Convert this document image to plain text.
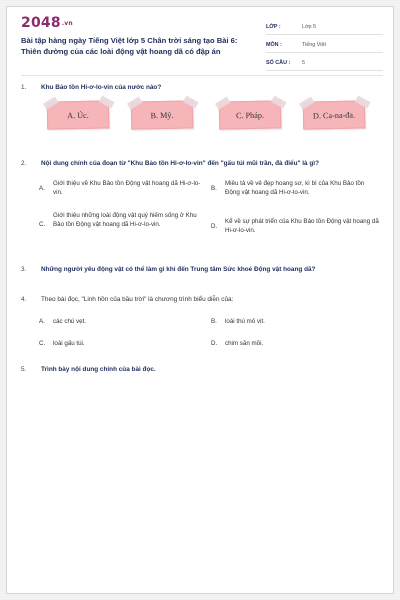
$2048^{.vn}$
Bài tập hàng ngày Tiếng Việt lớp 5 Chân trời sáng tạo Bài 6: Thiên đường của các loài động vật hoang dã có đập án
LỚP :	Lớp 5
MÔN :	Tiếng Việt
SỐ CÂU : 5
1. Khu Bảo tồn Hi-ơ-lo-vin của nước nào?
A. Úc.	B. Mỹ.	C. Pháp.	D. Ca-na-đa.
2. Nội dung chính của đoạn từ "Khu Bảo tồn Hi-ơ-lo-vin" đến "gấu túi mũi trần, đà điểu" là gì?
A.
Giới thiệu về Khu Bảo tồn Động vật hoang dã Hi-ơ-lo-vin.
B.
Miêu tả về vẻ đẹp hoang sơ, kì bí của Khu Bảo tồn Động vật hoang dã Hi-ơ-lo-vin.
C.
Giới thiệu những loài động vật quý hiếm sống ở Khu Bảo tồn Động vật hoang dã Hi-ơ-lo-vin.	D.
Kể về sự phát triển của Khu Bảo tồn Động vật hoang dã Hi-ơ-lo-vin.
3. Những người yêu động vật có thể làm gì khi đến Trung tâm Sức khoẻ Động vật hoang dã?
4. Theo bài đọc, "Linh hồn của bầu trời" là chương trình biểu diễn của:
A. các chú vẹt.	B. loài thú mỏ vịt.
C. loài gấu túi.	D. chim săn mồi.
5. Trình bày nội dung chính của bài đọc.
